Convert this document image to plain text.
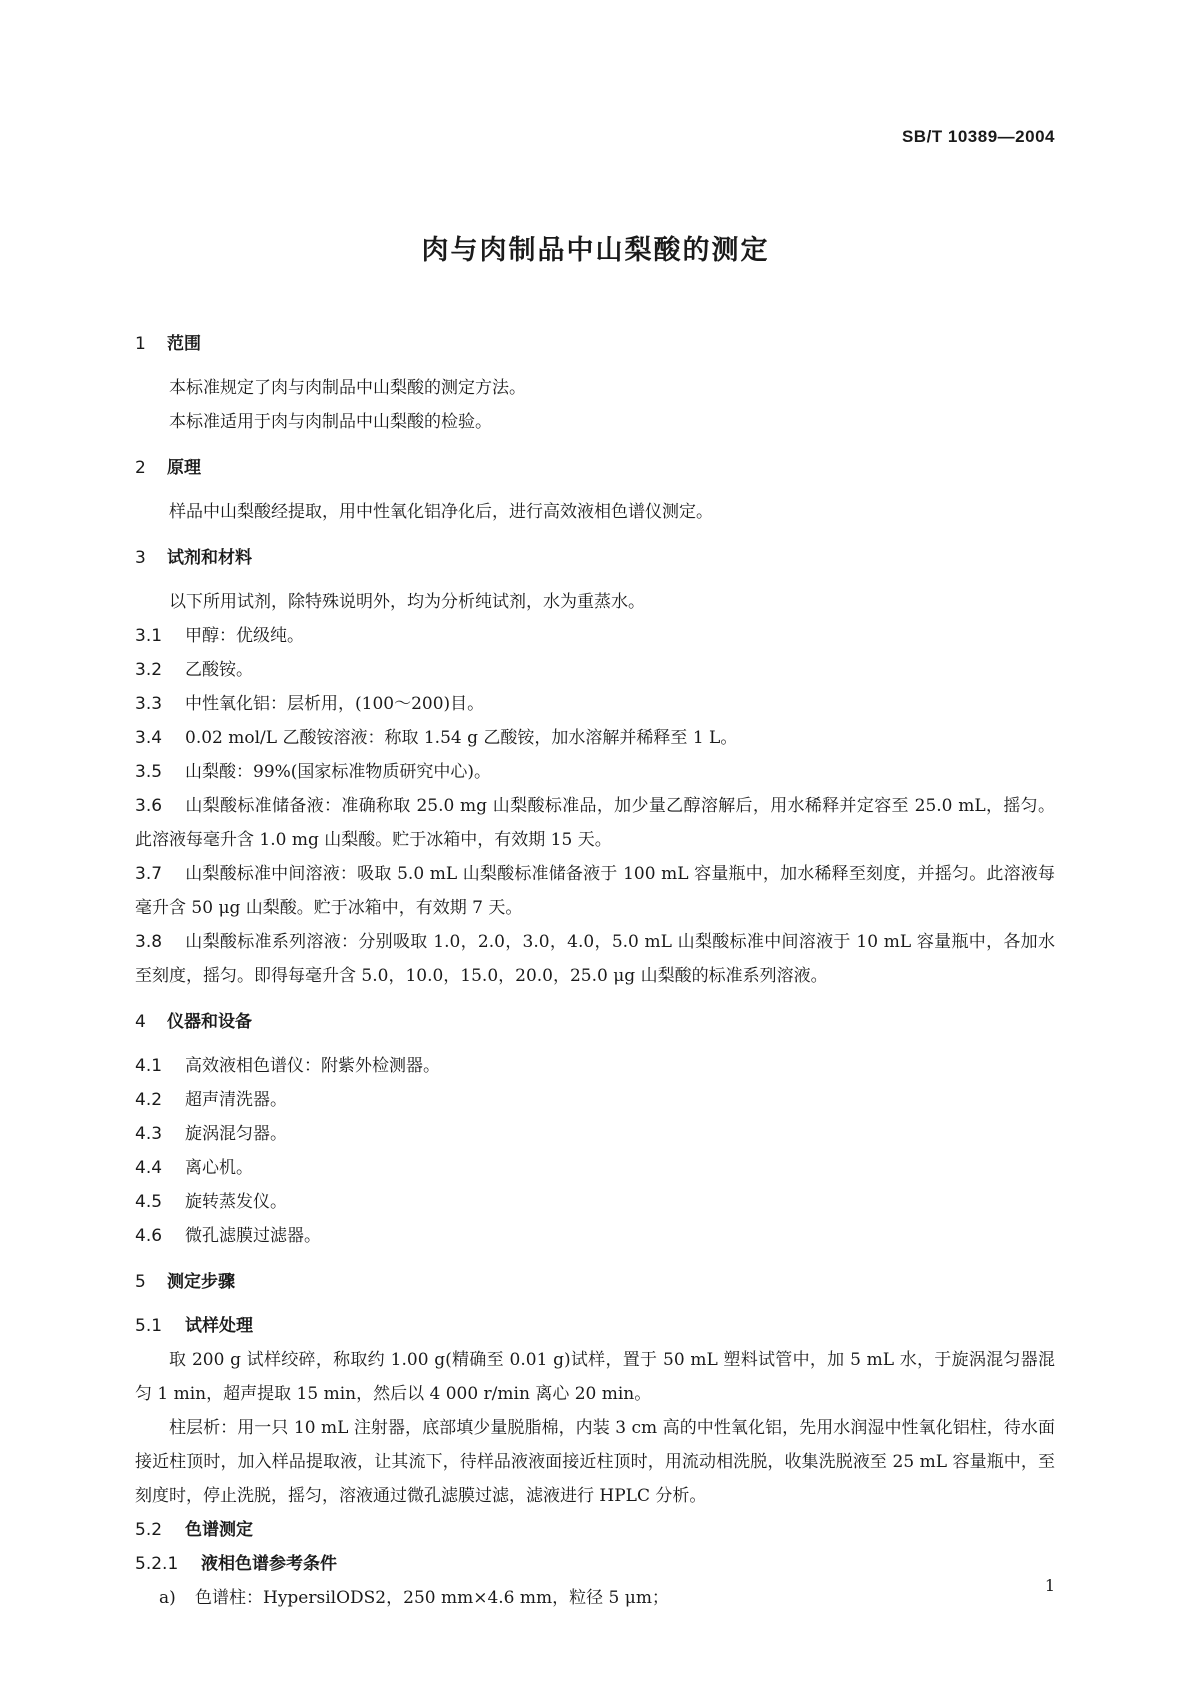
SB/T 10389—2004
肉与肉制品中山梨酸的测定
1 范围
本标准规定了肉与肉制品中山梨酸的测定方法。
本标准适用于肉与肉制品中山梨酸的检验。
2 原理
样品中山梨酸经提取，用中性氧化铝净化后，进行高效液相色谱仪测定。
3 试剂和材料
以下所用试剂，除特殊说明外，均为分析纯试剂，水为重蒸水。
3.1 甲醇：优级纯。
3.2 乙酸铵。
3.3 中性氧化铝：层析用，(100～200)目。
3.4 0.02 mol/L 乙酸铵溶液：称取 1.54 g 乙酸铵，加水溶解并稀释至 1 L。
3.5 山梨酸：99%(国家标准物质研究中心)。
3.6 山梨酸标准储备液：准确称取 25.0 mg 山梨酸标准品，加少量乙醇溶解后，用水稀释并定容至 25.0 mL，摇匀。此溶液每毫升含 1.0 mg 山梨酸。贮于冰箱中，有效期 15 天。
3.7 山梨酸标准中间溶液：吸取 5.0 mL 山梨酸标准储备液于 100 mL 容量瓶中，加水稀释至刻度，并摇匀。此溶液每毫升含 50 μg 山梨酸。贮于冰箱中，有效期 7 天。
3.8 山梨酸标准系列溶液：分别吸取 1.0，2.0，3.0，4.0，5.0 mL 山梨酸标准中间溶液于 10 mL 容量瓶中，各加水至刻度，摇匀。即得每毫升含 5.0，10.0，15.0，20.0，25.0 μg 山梨酸的标准系列溶液。
4 仪器和设备
4.1 高效液相色谱仪：附紫外检测器。
4.2 超声清洗器。
4.3 旋涡混匀器。
4.4 离心机。
4.5 旋转蒸发仪。
4.6 微孔滤膜过滤器。
5 测定步骤
5.1 试样处理
取 200 g 试样绞碎，称取约 1.00 g(精确至 0.01 g)试样，置于 50 mL 塑料试管中，加 5 mL 水，于旋涡混匀器混匀 1 min，超声提取 15 min，然后以 4 000 r/min 离心 20 min。
柱层析：用一只 10 mL 注射器，底部填少量脱脂棉，内装 3 cm 高的中性氧化铝，先用水润湿中性氧化铝柱，待水面接近柱顶时，加入样品提取液，让其流下，待样品液液面接近柱顶时，用流动相洗脱，收集洗脱液至 25 mL 容量瓶中，至刻度时，停止洗脱，摇匀，溶液通过微孔滤膜过滤，滤液进行 HPLC 分析。
5.2 色谱测定
5.2.1 液相色谱参考条件
a) 色谱柱：HypersilODS2，250 mm×4.6 mm，粒径 5 μm；
1
